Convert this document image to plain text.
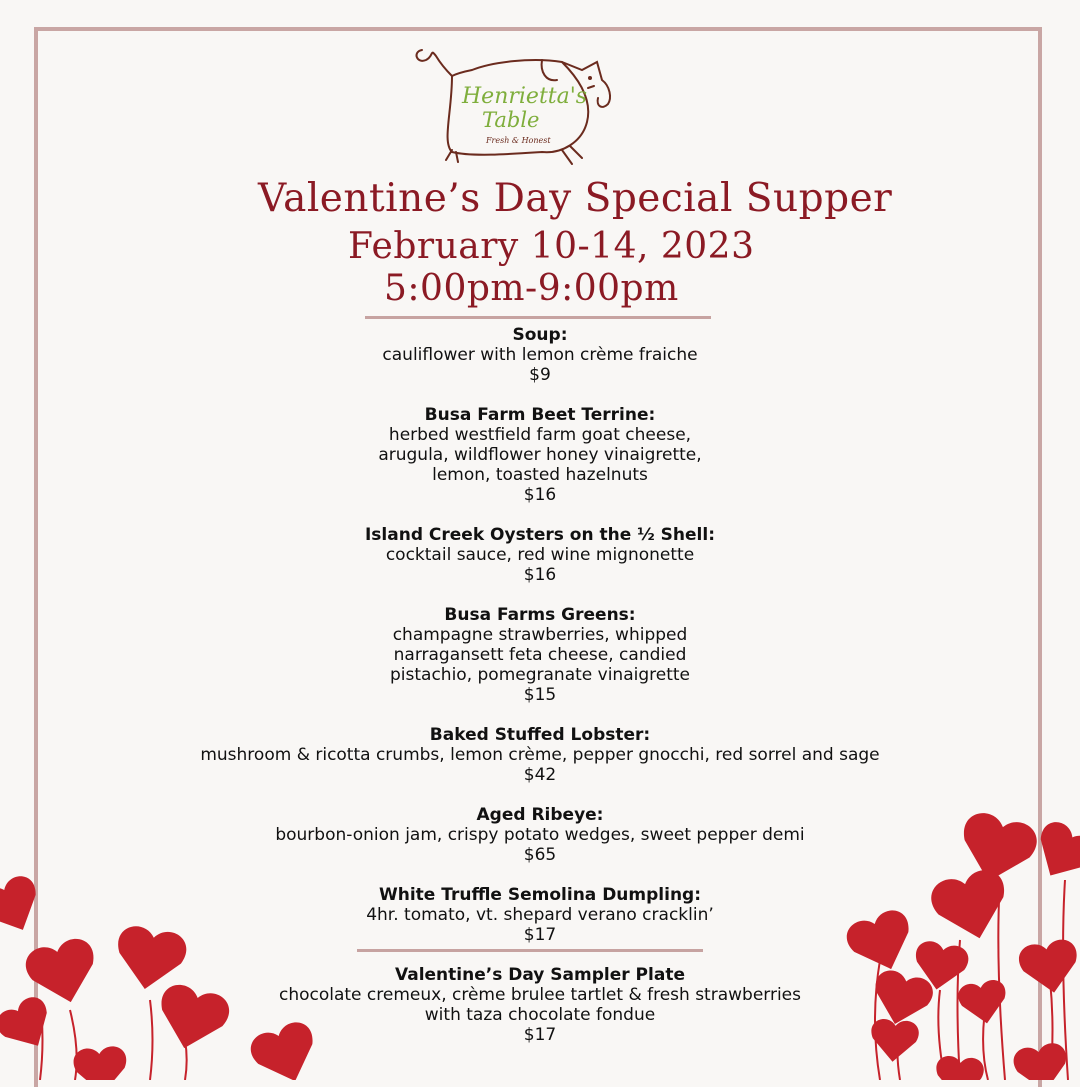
Henrietta's
Table
Fresh & Honest
Valentine’s Day Special Supper
February 10-14, 2023
5:00pm-9:00pm
Soup:
cauliflower with lemon crème fraiche
$9
Busa Farm Beet Terrine:
herbed westfield farm goat cheese,
arugula, wildflower honey vinaigrette,
lemon, toasted hazelnuts
$16
Island Creek Oysters on the ½ Shell:
cocktail sauce, red wine mignonette
$16
Busa Farms Greens:
champagne strawberries, whipped
narragansett feta cheese, candied
pistachio, pomegranate vinaigrette
$15
Baked Stuffed Lobster:
mushroom & ricotta crumbs, lemon crème, pepper gnocchi, red sorrel and sage
$42
Aged Ribeye:
bourbon-onion jam, crispy potato wedges, sweet pepper demi
$65
White Truffle Semolina Dumpling:
4hr. tomato, vt. shepard verano cracklin’
$17
Valentine’s Day Sampler Plate
chocolate cremeux, crème brulee tartlet & fresh strawberries
with taza chocolate fondue
$17
